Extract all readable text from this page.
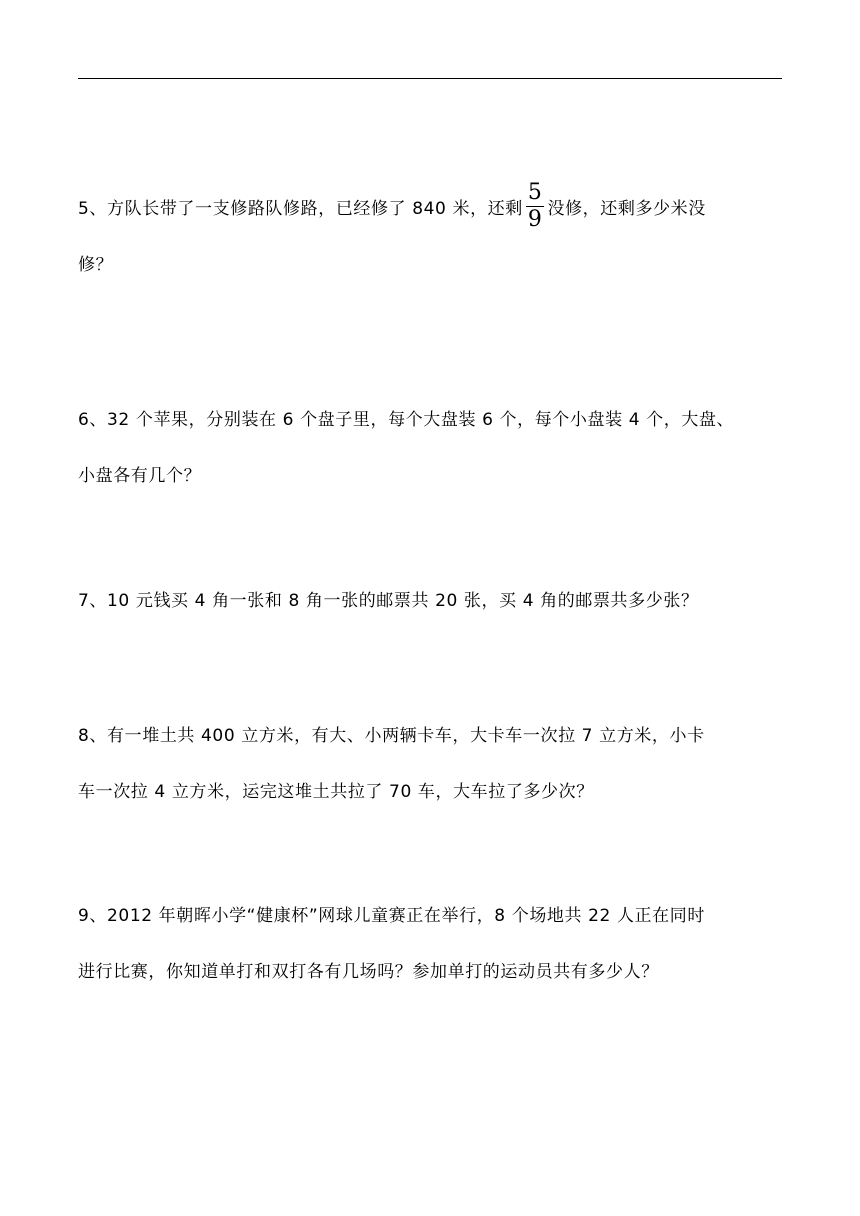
5、方队长带了一支修路队修路，已经修了 840 米，还剩 $\frac{5}{9}$ 没修，还剩多少米没
修？
6、32 个苹果，分别装在 6 个盘子里，每个大盘装 6 个，每个小盘装 4 个，大盘、
小盘各有几个？
7、10 元钱买 4 角一张和 8 角一张的邮票共 20 张，买 4 角的邮票共多少张？
8、有一堆土共 400 立方米，有大、小两辆卡车，大卡车一次拉 7 立方米，小卡
车一次拉 4 立方米，运完这堆土共拉了 70 车，大车拉了多少次？
9、2012 年朝晖小学“健康杯”网球儿童赛正在举行，8 个场地共 22 人正在同时
进行比赛，你知道单打和双打各有几场吗？参加单打的运动员共有多少人？
